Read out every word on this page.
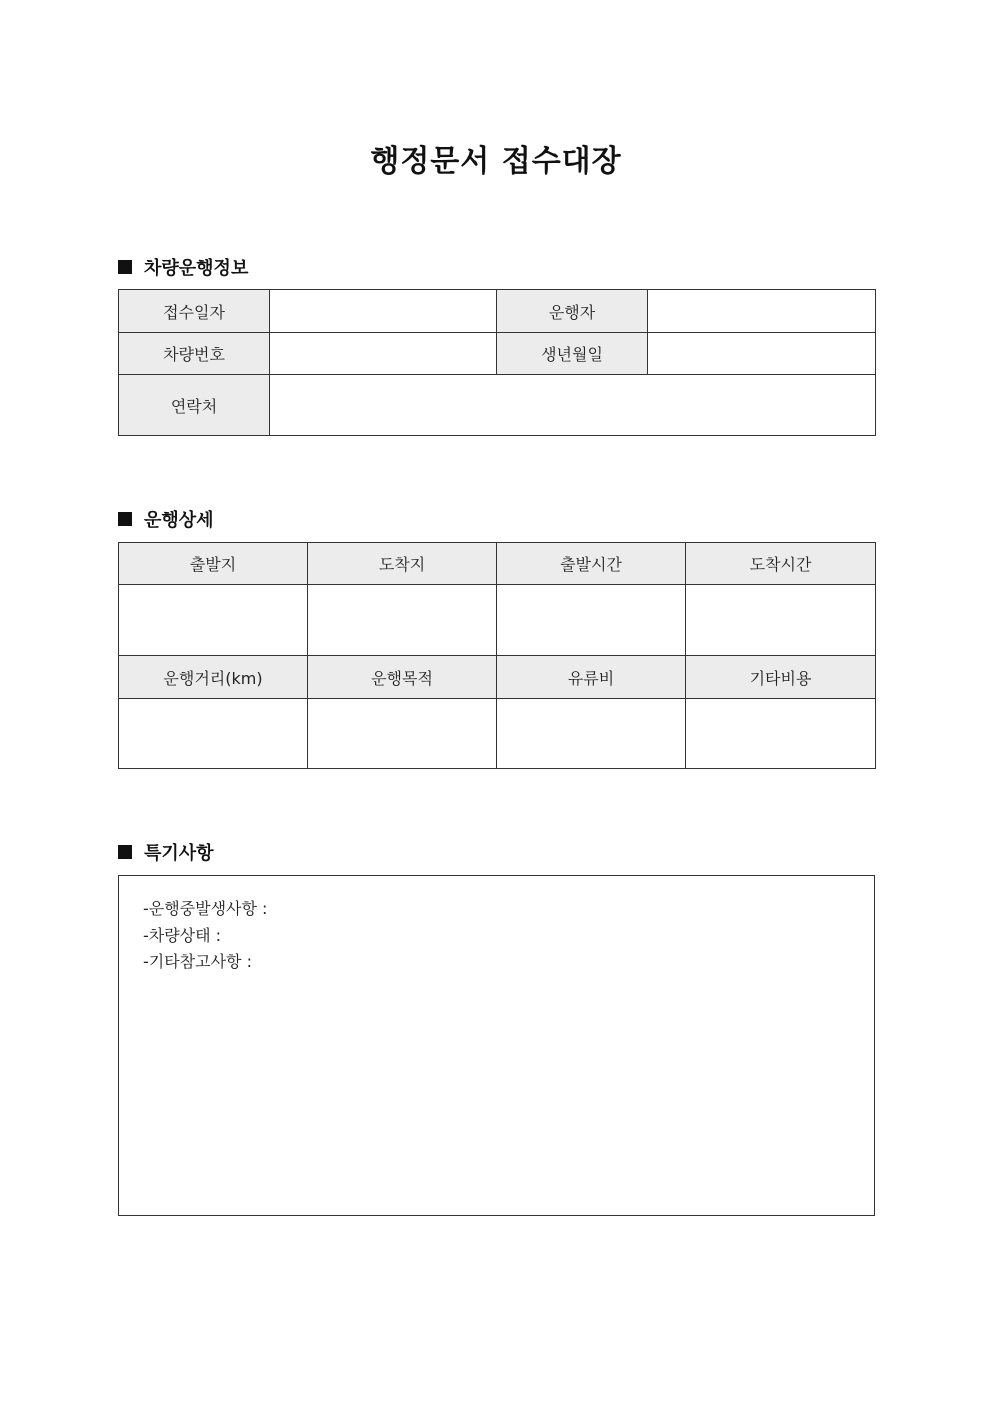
행정문서 접수대장
차량운행정보
접수일자		운행자	
차량번호		생년월일	
연락처			
운행상세
출발지	도착지	출발시간	도착시간

운행거리(km)	운행목적	유류비	기타비용

특기사항
-운행중발생사항 :
-차량상태 :
-기타참고사항 :
